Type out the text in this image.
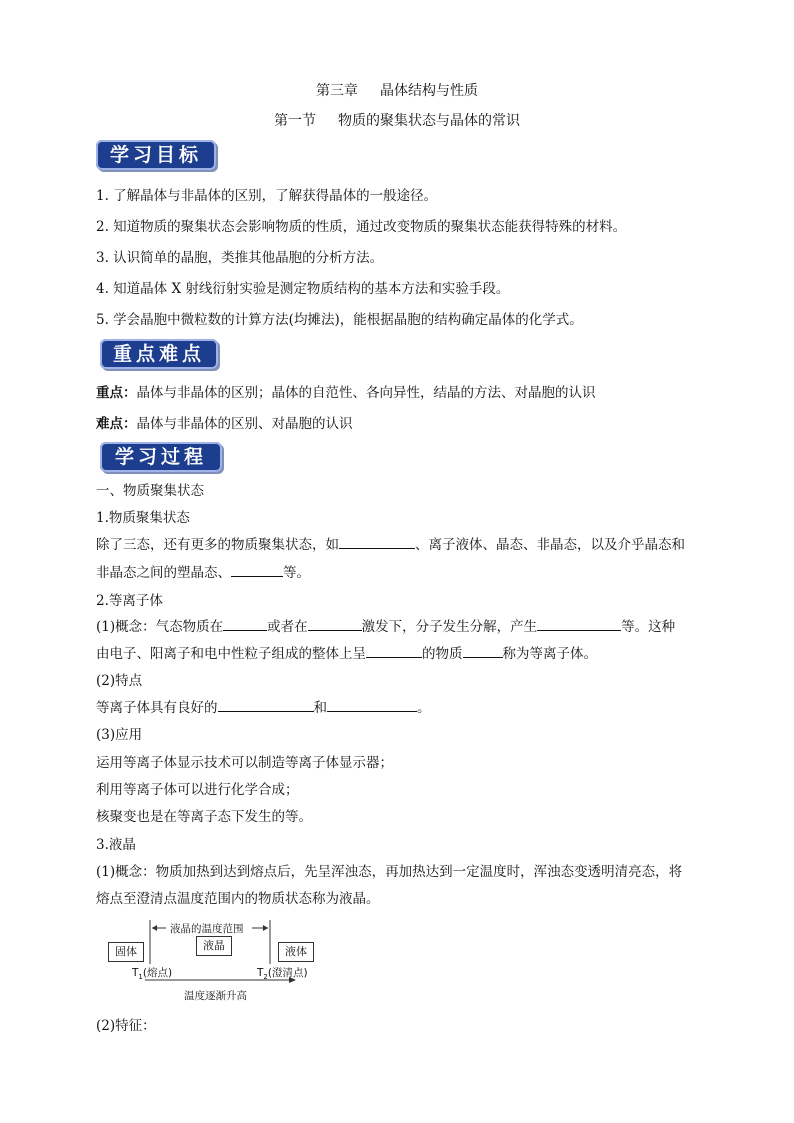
第三章 晶体结构与性质
第一节 物质的聚集状态与晶体的常识
学习目标
1. 了解晶体与非晶体的区别，了解获得晶体的一般途径。
2. 知道物质的聚集状态会影响物质的性质，通过改变物质的聚集状态能获得特殊的材料。
3. 认识简单的晶胞，类推其他晶胞的分析方法。
4. 知道晶体 X 射线衍射实验是测定物质结构的基本方法和实验手段。
5. 学会晶胞中微粒数的计算方法(均摊法)，能根据晶胞的结构确定晶体的化学式。
重点难点
重点：晶体与非晶体的区别；晶体的自范性、各向异性，结晶的方法、对晶胞的认识
难点：晶体与非晶体的区别、对晶胞的认识
学习过程
一、物质聚集状态
1.物质聚集状态
除了三态，还有更多的物质聚集状态，如	、离子液体、晶态、非晶态，以及介乎晶态和
非晶态之间的塑晶态、	等。
2.等离子体
(1)概念：气态物质在	或者在	激发下，分子发生分解，产生	等。这种
由电子、阳离子和电中性粒子组成的整体上呈	的物质	称为等离子体。
(2)特点
等离子体具有良好的	和	。
(3)应用
运用等离子体显示技术可以制造等离子体显示器；
利用等离子体可以进行化学合成；
核聚变也是在等离子态下发生的等。
3.液晶
(1)概念：物质加热到达到熔点后，先呈浑浊态，再加热达到一定温度时，浑浊态变透明清亮态，将
熔点至澄清点温度范围内的物质状态称为液晶。
液晶的温度范围
固体	液晶	液体
$T_1$(熔点)	$T_2$(澄清点)
温度逐渐升高
(2)特征：
